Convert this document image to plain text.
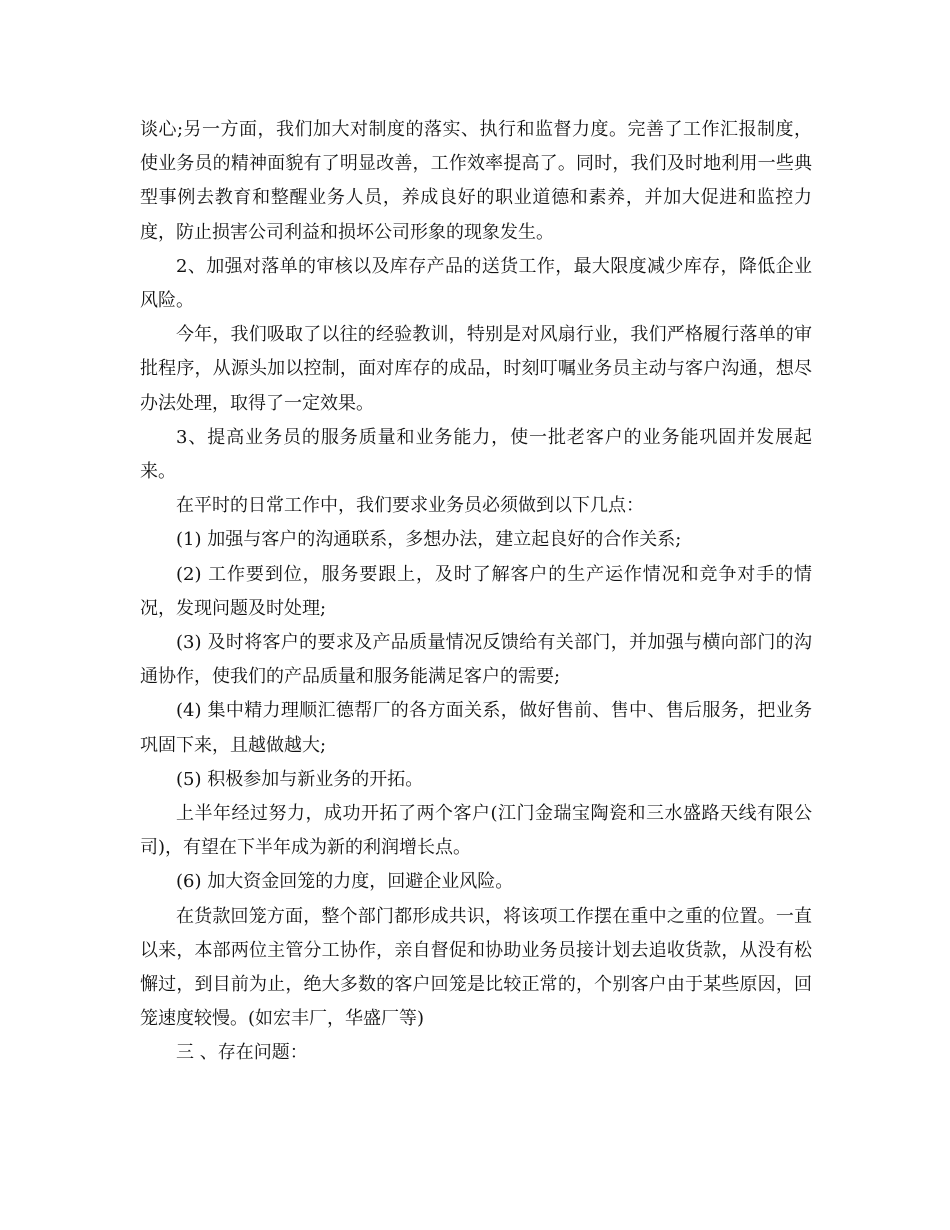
谈心;另一方面，我们加大对制度的落实、执行和监督力度。完善了工作汇报制度，使业务员的精神面貌有了明显改善，工作效率提高了。同时，我们及时地利用一些典型事例去教育和整醒业务人员，养成良好的职业道德和素养，并加大促进和监控力度，防止损害公司利益和损坏公司形象的现象发生。

2、加强对落单的审核以及库存产品的送货工作，最大限度减少库存，降低企业风险。

今年，我们吸取了以往的经验教训，特别是对风扇行业，我们严格履行落单的审批程序，从源头加以控制，面对库存的成品，时刻叮嘱业务员主动与客户沟通，想尽办法处理，取得了一定效果。

3、提高业务员的服务质量和业务能力，使一批老客户的业务能巩固并发展起来。

在平时的日常工作中，我们要求业务员必须做到以下几点：

(1) 加强与客户的沟通联系，多想办法，建立起良好的合作关系;

(2) 工作要到位，服务要跟上，及时了解客户的生产运作情况和竞争对手的情况，发现问题及时处理;

(3) 及时将客户的要求及产品质量情况反馈给有关部门，并加强与横向部门的沟通协作，使我们的产品质量和服务能满足客户的需要;

(4) 集中精力理顺汇德帮厂的各方面关系，做好售前、售中、售后服务，把业务巩固下来，且越做越大;

(5) 积极参加与新业务的开拓。

上半年经过努力，成功开拓了两个客户(江门金瑞宝陶瓷和三水盛路天线有限公司)，有望在下半年成为新的利润增长点。

(6) 加大资金回笼的力度，回避企业风险。

在货款回笼方面，整个部门都形成共识，将该项工作摆在重中之重的位置。一直以来，本部两位主管分工协作，亲自督促和协助业务员接计划去追收货款，从没有松懈过，到目前为止，绝大多数的客户回笼是比较正常的，个别客户由于某些原因，回笼速度较慢。(如宏丰厂，华盛厂等)

三 、存在问题：
